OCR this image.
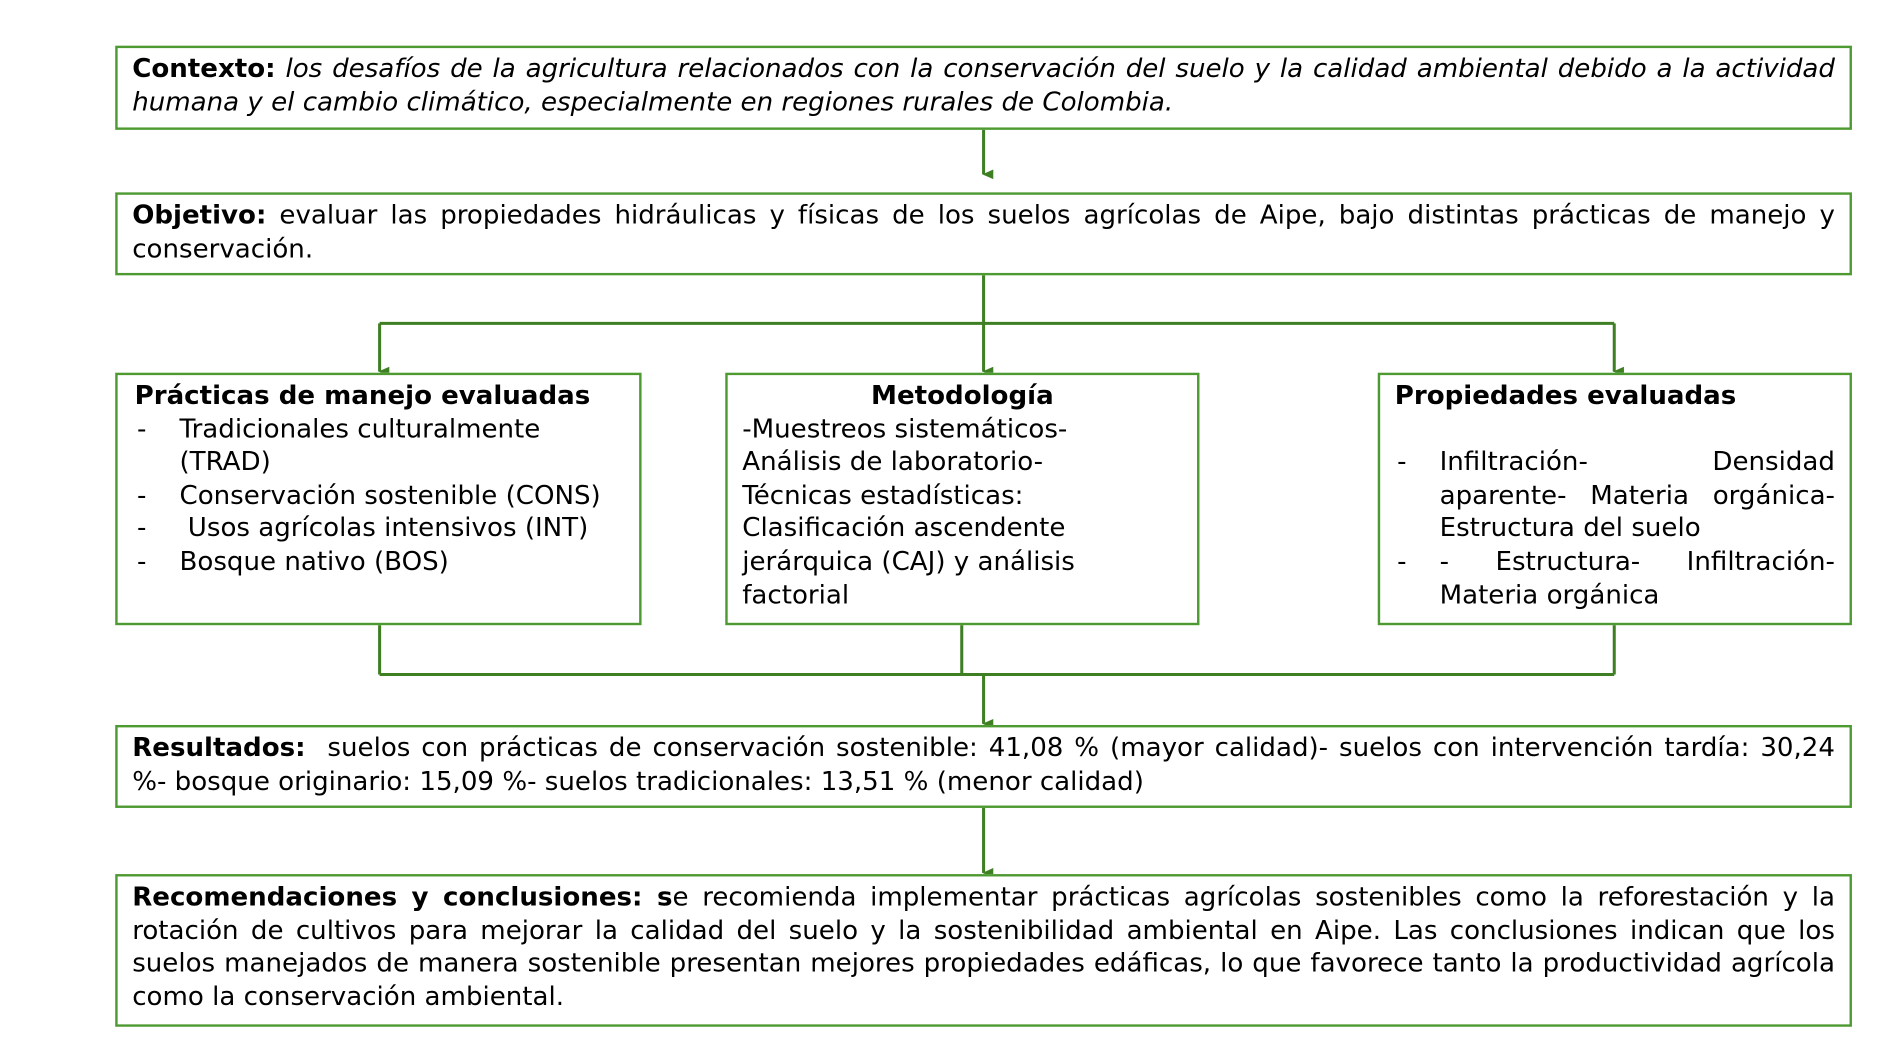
Contexto: los desafíos de la agricultura relacionados con la conservación del suelo y la calidad ambiental debido a la actividad humana y el cambio climático, especialmente en regiones rurales de Colombia.
Objetivo: evaluar las propiedades hidráulicas y físicas de los suelos agrícolas de Aipe, bajo distintas prácticas de manejo y conservación.
Prácticas de manejo evaluadas
- Tradicionales culturalmente (TRAD)
- Conservación sostenible (CONS)
-  Usos agrícolas intensivos (INT)
- Bosque nativo (BOS)
Metodología
-Muestreos sistemáticos-
Análisis de laboratorio-
Técnicas estadísticas:
Clasificación ascendente
jerárquica (CAJ) y análisis
factorial
Propiedades evaluadas
- Infiltración- Densidad aparente- Materia orgánica- Estructura del suelo
- - Estructura- Infiltración- Materia orgánica
Resultados: suelos con prácticas de conservación sostenible: 41,08 % (mayor calidad)- suelos con intervención tardía: 30,24 %- bosque originario: 15,09 %- suelos tradicionales: 13,51 % (menor calidad)
Recomendaciones y conclusiones: se recomienda implementar prácticas agrícolas sostenibles como la reforestación y la rotación de cultivos para mejorar la calidad del suelo y la sostenibilidad ambiental en Aipe. Las conclusiones indican que los suelos manejados de manera sostenible presentan mejores propiedades edáficas, lo que favorece tanto la productividad agrícola como la conservación ambiental.
